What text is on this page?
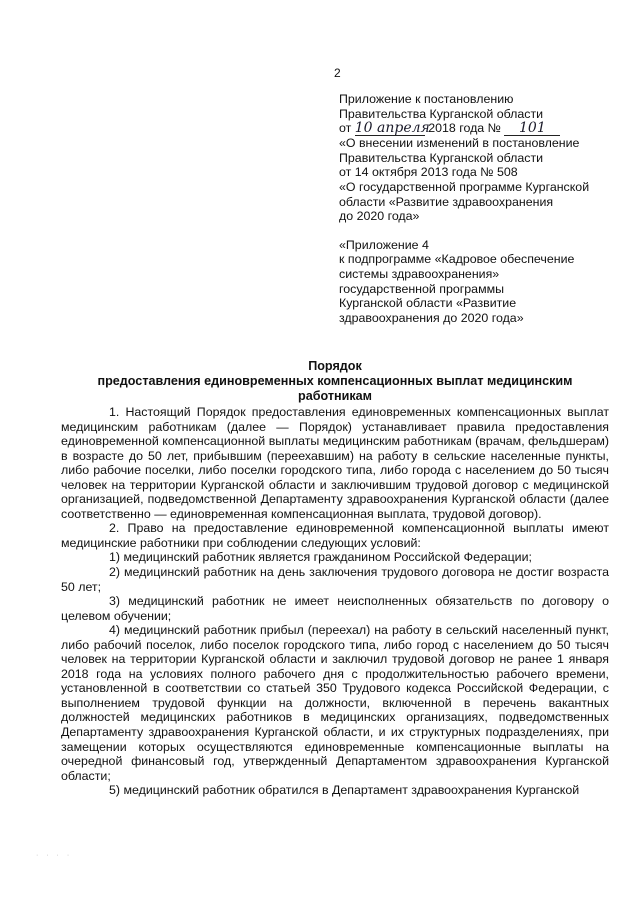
2
Приложение к постановлению
Правительства Курганской области
от 10 апреля 2018 года № 101
«О внесении изменений в постановление
Правительства Курганской области
от 14 октября 2013 года № 508
«О государственной программе Курганской
области «Развитие здравоохранения
до 2020 года»
«Приложение 4
к подпрограмме «Кадровое обеспечение
системы здравоохранения»
государственной программы
Курганской области «Развитие
здравоохранения до 2020 года»
Порядок
предоставления единовременных компенсационных выплат медицинским
работникам

1. Настоящий Порядок предоставления единовременных компенсационных выплат медицинским работникам (далее — Порядок) устанавливает правила предоставления единовременной компенсационной выплаты медицинским работникам (врачам, фельдшерам) в возрасте до 50 лет, прибывшим (переехавшим) на работу в сельские населенные пункты, либо рабочие поселки, либо поселки городского типа, либо города с населением до 50 тысяч человек на территории Курганской области и заключившим трудовой договор с медицинской организацией, подведомственной Департаменту здравоохранения Курганской области (далее соответственно — единовременная компенсационная выплата, трудовой договор).

2. Право на предоставление единовременной компенсационной выплаты имеют медицинские работники при соблюдении следующих условий:

1) медицинский работник является гражданином Российской Федерации;

2) медицинский работник на день заключения трудового договора не достиг возраста 50 лет;

3) медицинский работник не имеет неисполненных обязательств по договору о целевом обучении;

4) медицинский работник прибыл (переехал) на работу в сельский населенный пункт, либо рабочий поселок, либо поселок городского типа, либо город с населением до 50 тысяч человек на территории Курганской области и заключил трудовой договор не ранее 1 января 2018 года на условиях полного рабочего дня с продолжительностью рабочего времени, установленной в соответствии со статьей 350 Трудового кодекса Российской Федерации, с выполнением трудовой функции на должности, включенной в перечень вакантных должностей медицинских работников в медицинских организациях, подведомственных Департаменту здравоохранения Курганской области, и их структурных подразделениях, при замещении которых осуществляются единовременные компенсационные выплаты на очередной финансовый год, утвержденный Департаментом здравоохранения Курганской области;

5) медицинский работник обратился в Департамент здравоохранения Курганской

· · · ·
